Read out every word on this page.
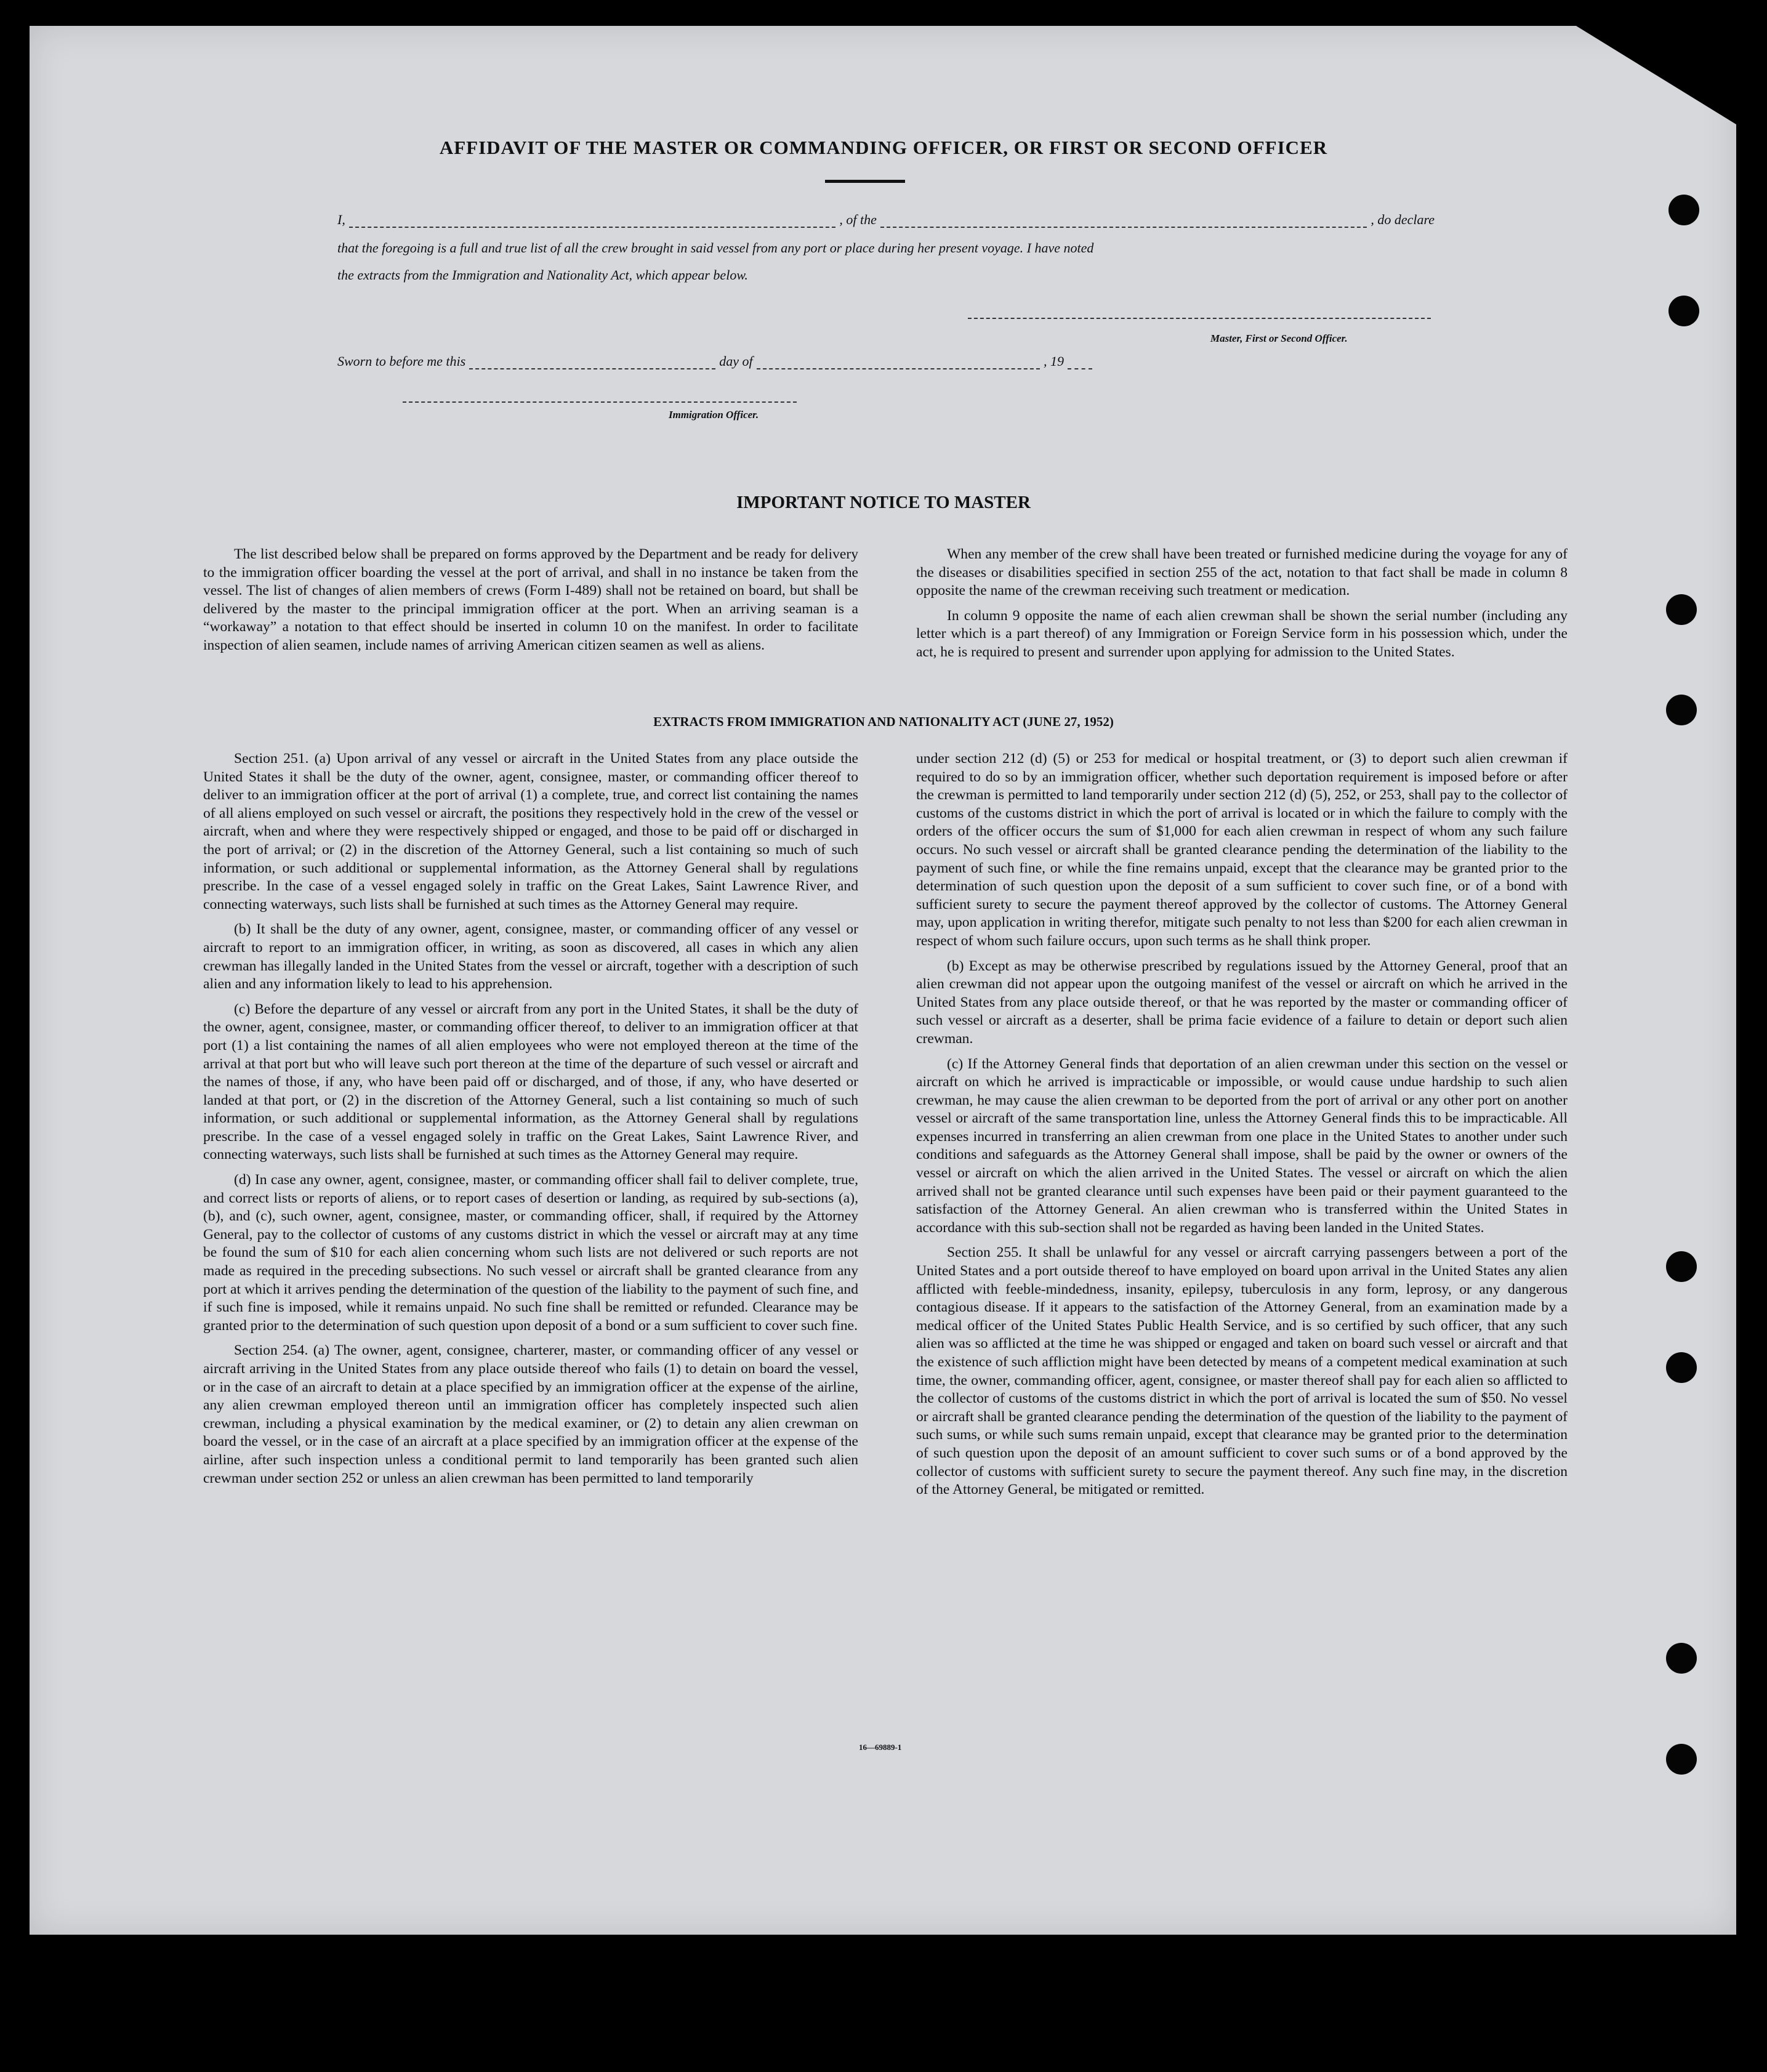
AFFIDAVIT OF THE MASTER OR COMMANDING OFFICER, OR FIRST OR SECOND OFFICER
I,	, of the	, do declare
that the foregoing is a full and true list of all the crew brought in said vessel from any port or place during her present voyage. I have noted
the extracts from the Immigration and Nationality Act, which appear below.
Master, First or Second Officer.
Sworn to before me this	day of	, 19
Immigration Officer.
IMPORTANT NOTICE TO MASTER

The list described below shall be prepared on forms approved by the Department and be ready for delivery to the immigration officer boarding the vessel at the port of arrival, and shall in no instance be taken from the vessel. The list of changes of alien members of crews (Form I-489) shall not be retained on board, but shall be delivered by the master to the principal immigration officer at the port. When an arriving seaman is a “workaway” a notation to that effect should be inserted in column 10 on the manifest. In order to facilitate inspection of alien seamen, include names of arriving American citizen seamen as well as aliens.

When any member of the crew shall have been treated or furnished medicine during the voyage for any of the diseases or disabilities specified in section 255 of the act, notation to that fact shall be made in column 8 opposite the name of the crewman receiving such treatment or medication.

In column 9 opposite the name of each alien crewman shall be shown the serial number (including any letter which is a part thereof) of any Immigration or Foreign Service form in his possession which, under the act, he is required to present and surrender upon applying for admission to the United States.

EXTRACTS FROM IMMIGRATION AND NATIONALITY ACT (JUNE 27, 1952)

Section 251. (a) Upon arrival of any vessel or aircraft in the United States from any place outside the United States it shall be the duty of the owner, agent, consignee, master, or commanding officer thereof to deliver to an immigration officer at the port of arrival (1) a complete, true, and correct list containing the names of all aliens employed on such vessel or aircraft, the positions they respectively hold in the crew of the vessel or aircraft, when and where they were respectively shipped or engaged, and those to be paid off or discharged in the port of arrival; or (2) in the discretion of the Attorney General, such a list containing so much of such information, or such additional or supplemental information, as the Attorney General shall by regulations prescribe. In the case of a vessel engaged solely in traffic on the Great Lakes, Saint Lawrence River, and connecting waterways, such lists shall be furnished at such times as the Attorney General may require.

(b) It shall be the duty of any owner, agent, consignee, master, or commanding officer of any vessel or aircraft to report to an immigration officer, in writing, as soon as discovered, all cases in which any alien crewman has illegally landed in the United States from the vessel or aircraft, together with a description of such alien and any information likely to lead to his apprehension.

(c) Before the departure of any vessel or aircraft from any port in the United States, it shall be the duty of the owner, agent, consignee, master, or commanding officer thereof, to deliver to an immigration officer at that port (1) a list containing the names of all alien employees who were not employed thereon at the time of the arrival at that port but who will leave such port thereon at the time of the departure of such vessel or aircraft and the names of those, if any, who have been paid off or discharged, and of those, if any, who have deserted or landed at that port, or (2) in the discretion of the Attorney General, such a list containing so much of such information, or such additional or supplemental information, as the Attorney General shall by regulations prescribe. In the case of a vessel engaged solely in traffic on the Great Lakes, Saint Lawrence River, and connecting waterways, such lists shall be furnished at such times as the Attorney General may require.

(d) In case any owner, agent, consignee, master, or commanding officer shall fail to deliver complete, true, and correct lists or reports of aliens, or to report cases of desertion or landing, as required by sub-sections (a), (b), and (c), such owner, agent, consignee, master, or commanding officer, shall, if required by the Attorney General, pay to the collector of customs of any customs district in which the vessel or aircraft may at any time be found the sum of $10 for each alien concerning whom such lists are not delivered or such reports are not made as required in the preceding subsections. No such vessel or aircraft shall be granted clearance from any port at which it arrives pending the determination of the question of the liability to the payment of such fine, and if such fine is imposed, while it remains unpaid. No such fine shall be remitted or refunded. Clearance may be granted prior to the determination of such question upon deposit of a bond or a sum sufficient to cover such fine.

Section 254. (a) The owner, agent, consignee, charterer, master, or commanding officer of any vessel or aircraft arriving in the United States from any place outside thereof who fails (1) to detain on board the vessel, or in the case of an aircraft to detain at a place specified by an immigration officer at the expense of the airline, any alien crewman employed thereon until an immigration officer has completely inspected such alien crewman, including a physical examination by the medical examiner, or (2) to detain any alien crewman on board the vessel, or in the case of an aircraft at a place specified by an immigration officer at the expense of the airline, after such inspection unless a conditional permit to land temporarily has been granted such alien crewman under section 252 or unless an alien crewman has been permitted to land temporarily

under section 212 (d) (5) or 253 for medical or hospital treatment, or (3) to deport such alien crewman if required to do so by an immigration officer, whether such deportation requirement is imposed before or after the crewman is permitted to land temporarily under section 212 (d) (5), 252, or 253, shall pay to the collector of customs of the customs district in which the port of arrival is located or in which the failure to comply with the orders of the officer occurs the sum of $1,000 for each alien crewman in respect of whom any such failure occurs. No such vessel or aircraft shall be granted clearance pending the determination of the liability to the payment of such fine, or while the fine remains unpaid, except that the clearance may be granted prior to the determination of such question upon the deposit of a sum sufficient to cover such fine, or of a bond with sufficient surety to secure the payment thereof approved by the collector of customs. The Attorney General may, upon application in writing therefor, mitigate such penalty to not less than $200 for each alien crewman in respect of whom such failure occurs, upon such terms as he shall think proper.

(b) Except as may be otherwise prescribed by regulations issued by the Attorney General, proof that an alien crewman did not appear upon the outgoing manifest of the vessel or aircraft on which he arrived in the United States from any place outside thereof, or that he was reported by the master or commanding officer of such vessel or aircraft as a deserter, shall be prima facie evidence of a failure to detain or deport such alien crewman.

(c) If the Attorney General finds that deportation of an alien crewman under this section on the vessel or aircraft on which he arrived is impracticable or impossible, or would cause undue hardship to such alien crewman, he may cause the alien crewman to be deported from the port of arrival or any other port on another vessel or aircraft of the same transportation line, unless the Attorney General finds this to be impracticable. All expenses incurred in transferring an alien crewman from one place in the United States to another under such conditions and safeguards as the Attorney General shall impose, shall be paid by the owner or owners of the vessel or aircraft on which the alien arrived in the United States. The vessel or aircraft on which the alien arrived shall not be granted clearance until such expenses have been paid or their payment guaranteed to the satisfaction of the Attorney General. An alien crewman who is transferred within the United States in accordance with this sub-section shall not be regarded as having been landed in the United States.

Section 255. It shall be unlawful for any vessel or aircraft carrying passengers between a port of the United States and a port outside thereof to have employed on board upon arrival in the United States any alien afflicted with feeble-mindedness, insanity, epilepsy, tuberculosis in any form, leprosy, or any dangerous contagious disease. If it appears to the satisfaction of the Attorney General, from an examination made by a medical officer of the United States Public Health Service, and is so certified by such officer, that any such alien was so afflicted at the time he was shipped or engaged and taken on board such vessel or aircraft and that the existence of such affliction might have been detected by means of a competent medical examination at such time, the owner, commanding officer, agent, consignee, or master thereof shall pay for each alien so afflicted to the collector of customs of the customs district in which the port of arrival is located the sum of $50. No vessel or aircraft shall be granted clearance pending the determination of the question of the liability to the payment of such sums, or while such sums remain unpaid, except that clearance may be granted prior to the determination of such question upon the deposit of an amount sufficient to cover such sums or of a bond approved by the collector of customs with sufficient surety to secure the payment thereof. Any such fine may, in the discretion of the Attorney General, be mitigated or remitted.

16—69889-1
